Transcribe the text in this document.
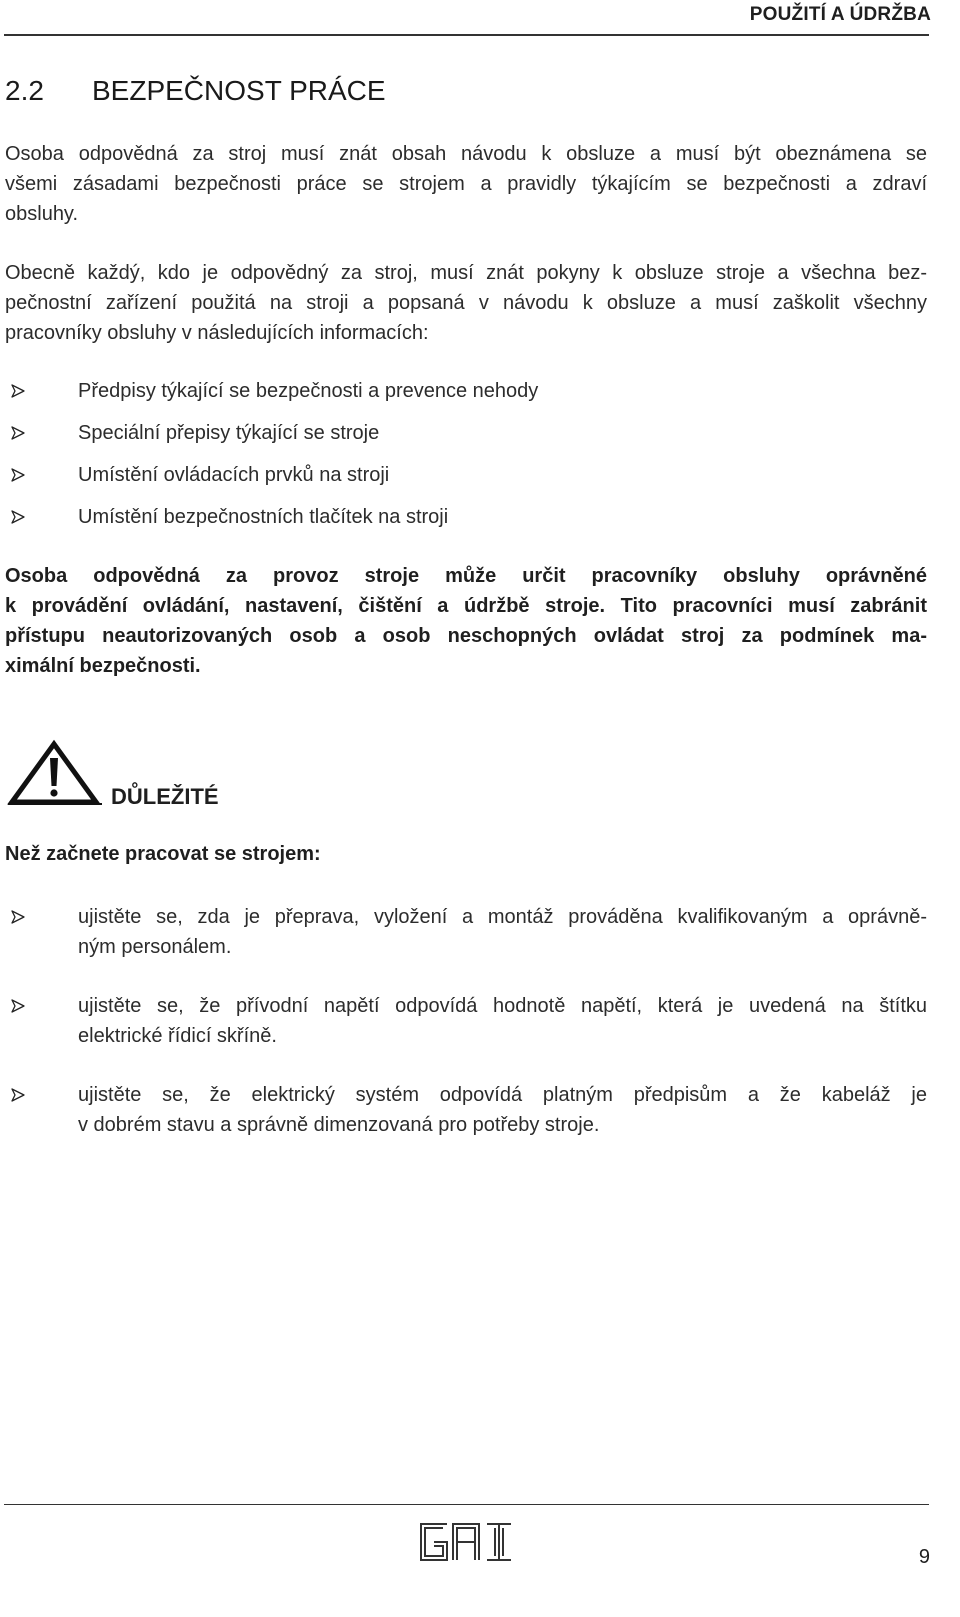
POUŽITÍ A ÚDRŽBA
2.2 BEZPEČNOST PRÁCE
Osoba odpovědná za stroj musí znát obsah návodu k obsluze a musí být obeznámena se
všemi zásadami bezpečnosti práce se strojem a pravidly týkajícím se bezpečnosti a zdraví
obsluhy.
Obecně každý, kdo je odpovědný za stroj, musí znát pokyny k obsluze stroje a všechna bez-
pečnostní zařízení použitá na stroji a popsaná v návodu k obsluze a musí zaškolit všechny
pracovníky obsluhy v následujících informacích:
Předpisy týkající se bezpečnosti a prevence nehody
Speciální přepisy týkající se stroje
Umístění ovládacích prvků na stroji
Umístění bezpečnostních tlačítek na stroji
Osoba odpovědná za provoz stroje může určit pracovníky obsluhy oprávněné
k provádění ovládání, nastavení, čištění a údržbě stroje. Tito pracovníci musí zabránit
přístupu neautorizovaných osob a osob neschopných ovládat stroj za podmínek ma-
ximální bezpečnosti.
DŮLEŽITÉ
Než začnete pracovat se strojem:
ujistěte se, zda je přeprava, vyložení a montáž prováděna kvalifikovaným a oprávně-
ným personálem.
ujistěte se, že přívodní napětí odpovídá hodnotě napětí, která je uvedená na štítku
elektrické řídicí skříně.
ujistěte se, že elektrický systém odpovídá platným předpisům a že kabeláž je
v dobrém stavu a správně dimenzovaná pro potřeby stroje.
GAI	9
